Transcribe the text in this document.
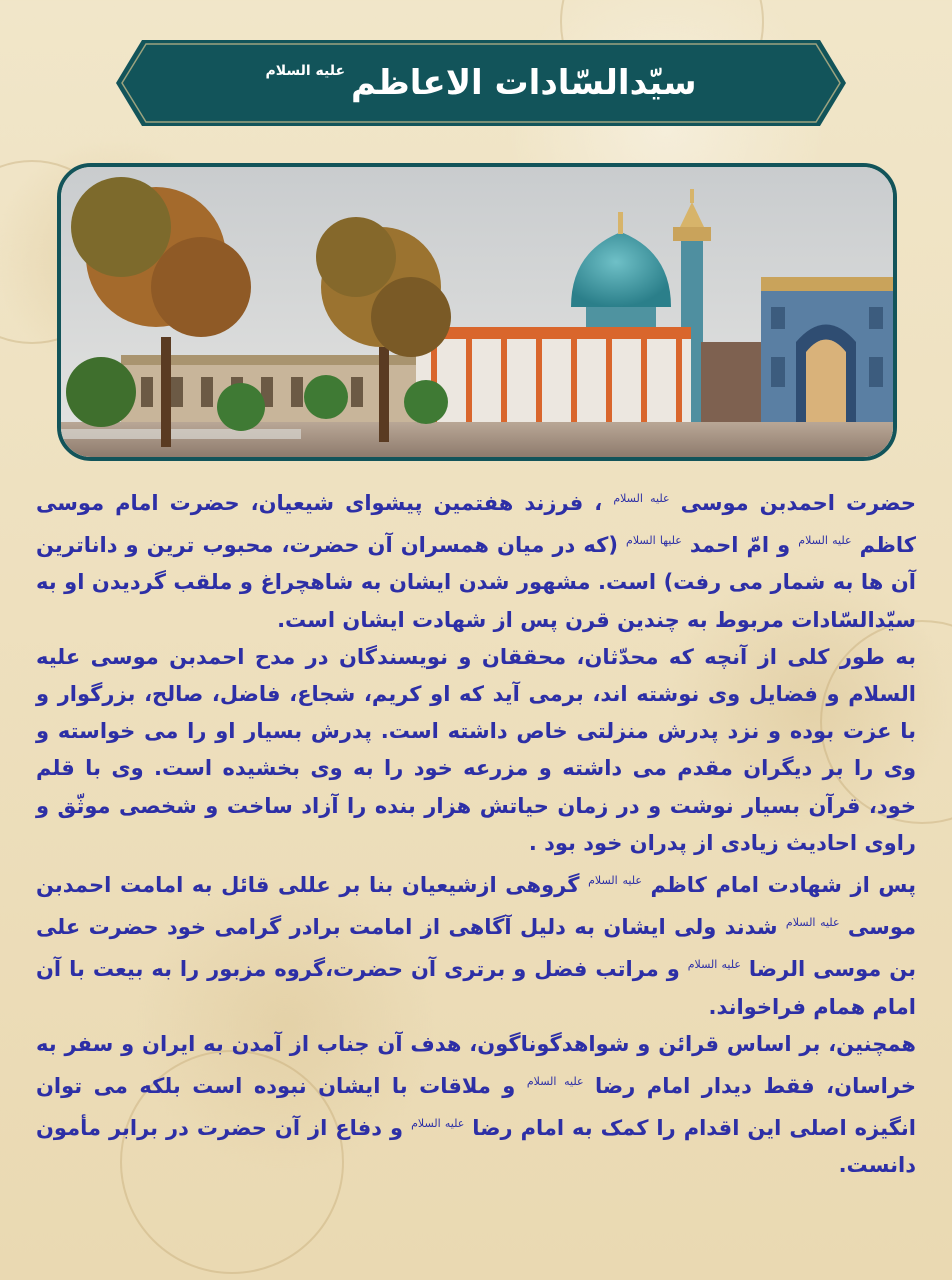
سیّدالسّادات الاعاظم
علیه السلام

حضرت احمدبن موسی $^{علیه السلام}$ ، فرزند هفتمین پیشوای شیعیان، حضرت امام موسی کاظم $^{علیه السلام}$ و امّ احمد $^{علیها السلام}$ (که در میان همسران آن حضرت، محبوب ترین و داناترین آن ها به شمار می رفت) است. مشهور شدن ایشان به شاهچراغ و ملقب گردیدن او به سیّدالسّادات مربوط به چندین قرن پس از شهادت ایشان است.

به طور کلی از آنچه که محدّثان، محققان و نویسندگان در مدح احمدبن موسی علیه السلام و فضایل وی نوشته اند، برمی آید که او کریم، شجاع، فاضل، صالح، بزرگوار و با عزت بوده و نزد پدرش منزلتی خاص داشته است. پدرش بسیار او را می خواسته و وی را بر دیگران مقدم می داشته و مزرعه خود را به وی بخشیده است. وی با قلم خود، قرآن بسیار نوشت و در زمان حیاتش هزار بنده را آزاد ساخت و شخصی موثّق و راوی احادیث زیادی از پدران خود بود .

پس از شهادت امام کاظم $^{علیه السلام}$ گروهی ازشیعیان بنا بر عللی قائل به امامت احمدبن موسی $^{علیه السلام}$ شدند ولی ایشان به دلیل آگاهی از امامت برادر گرامی خود حضرت علی بن موسی الرضا $^{علیه السلام}$ و مراتب فضل و برتری آن حضرت،گروه مزبور را به بیعت با آن امام همام فراخواند.

همچنین، بر اساس قرائن و شواهدگوناگون، هدف آن جناب از آمدن به ایران و سفر به خراسان، فقط دیدار امام رضا $^{علیه السلام}$ و ملاقات با ایشان نبوده است بلکه می توان انگیزه اصلی این اقدام را کمک به امام رضا $^{علیه السلام}$ و دفاع از آن حضرت در برابر مأمون دانست.
